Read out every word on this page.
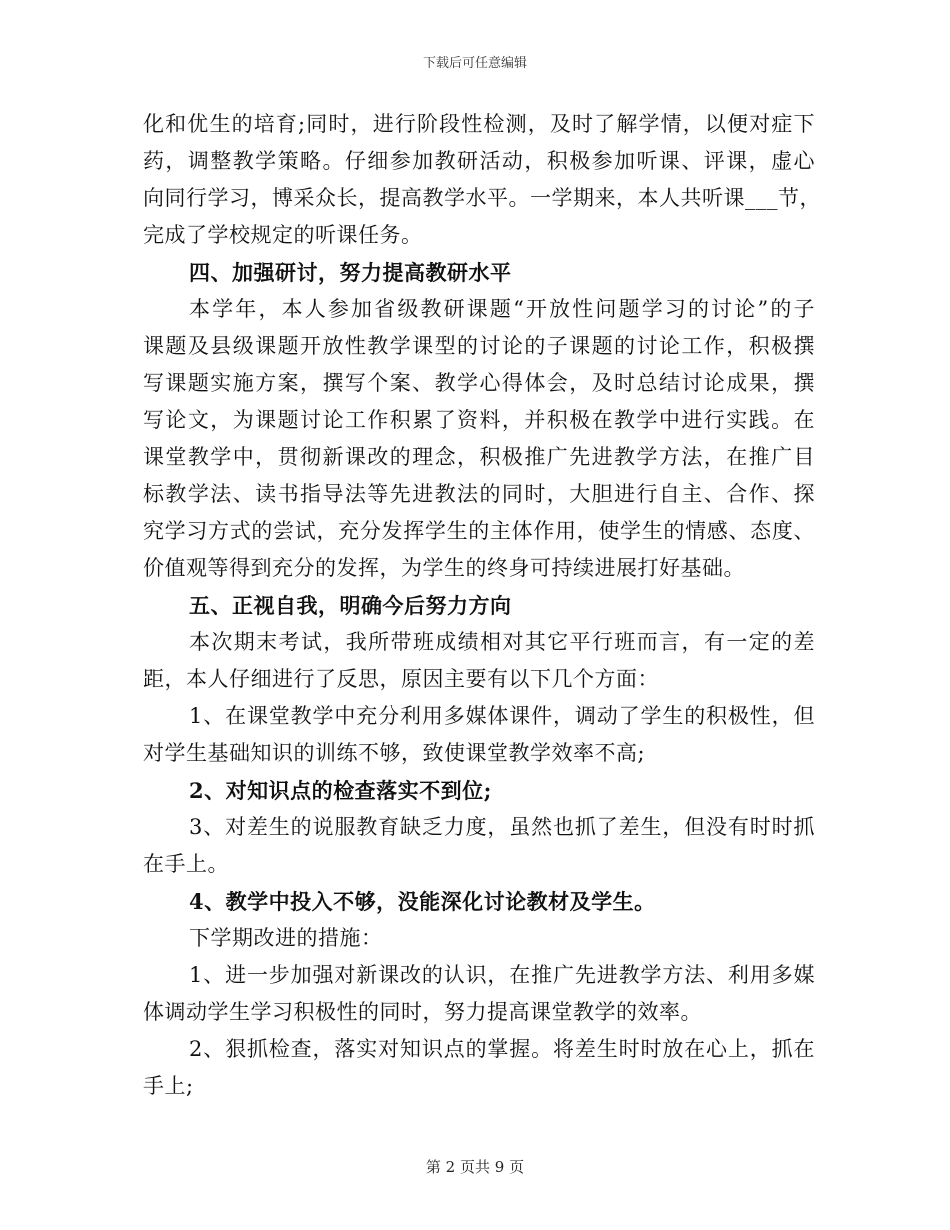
下载后可任意编辑
化和优生的培育;同时，进行阶段性检测，及时了解学情，以便对症下
药，调整教学策略。仔细参加教研活动，积极参加听课、评课，虚心
向同行学习，博采众长，提高教学水平。一学期来，本人共听课___节，
完成了学校规定的听课任务。
四、加强研讨，努力提高教研水平
本学年，本人参加省级教研课题“开放性问题学习的讨论”的子
课题及县级课题开放性教学课型的讨论的子课题的讨论工作，积极撰
写课题实施方案，撰写个案、教学心得体会，及时总结讨论成果，撰
写论文，为课题讨论工作积累了资料，并积极在教学中进行实践。在
课堂教学中，贯彻新课改的理念，积极推广先进教学方法，在推广目
标教学法、读书指导法等先进教法的同时，大胆进行自主、合作、探
究学习方式的尝试，充分发挥学生的主体作用，使学生的情感、态度、
价值观等得到充分的发挥，为学生的终身可持续进展打好基础。
五、正视自我，明确今后努力方向
本次期末考试，我所带班成绩相对其它平行班而言，有一定的差
距，本人仔细进行了反思，原因主要有以下几个方面：
1、在课堂教学中充分利用多媒体课件，调动了学生的积极性，但
对学生基础知识的训练不够，致使课堂教学效率不高;
2、对知识点的检查落实不到位;
3、对差生的说服教育缺乏力度，虽然也抓了差生，但没有时时抓
在手上。
4、教学中投入不够，没能深化讨论教材及学生。
下学期改进的措施：
1、进一步加强对新课改的认识，在推广先进教学方法、利用多媒
体调动学生学习积极性的同时，努力提高课堂教学的效率。
2、狠抓检查，落实对知识点的掌握。将差生时时放在心上，抓在
手上;
第 2 页共 9 页
